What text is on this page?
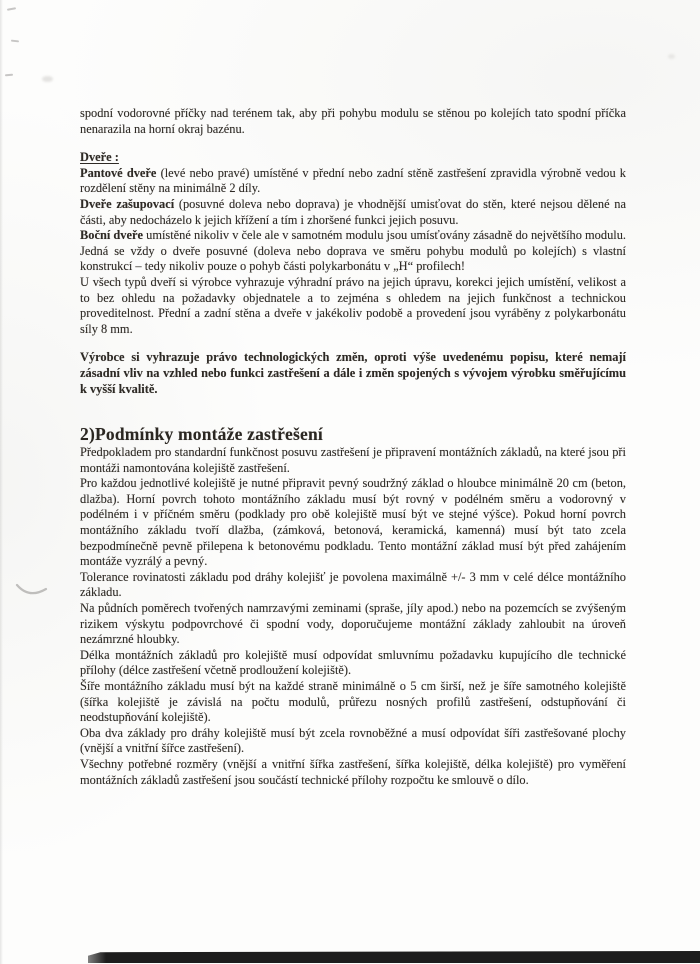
spodní vodorovné příčky nad terénem tak, aby při pohybu modulu se stěnou po kolejích tato spodní příčka nenarazila na horní okraj bazénu.

Dveře :

Pantové dveře (levé nebo pravé) umístěné v přední nebo zadní stěně zastřešení zpravidla výrobně vedou k rozdělení stěny na minimálně 2 díly.

Dveře zašupovací (posuvné doleva nebo doprava) je vhodnější umisťovat do stěn, které nejsou dělené na části, aby nedocházelo k jejich křížení a tím i zhoršené funkci jejich posuvu.

Boční dveře umístěné nikoliv v čele ale v samotném modulu jsou umísťovány zásadně do největšího modulu. Jedná se vždy o dveře posuvné (doleva nebo doprava ve směru pohybu modulů po kolejích) s vlastní konstrukcí – tedy nikoliv pouze o pohyb části polykarbonátu v „H“ profilech!

U všech typů dveří si výrobce vyhrazuje výhradní právo na jejich úpravu, korekci jejich umístění, velikost a to bez ohledu na požadavky objednatele a to zejména s ohledem na jejich funkčnost a technickou proveditelnost. Přední a zadní stěna a dveře v jakékoliv podobě a provedení jsou vyráběny z polykarbonátu síly 8 mm.

Výrobce si vyhrazuje právo technologických změn, oproti výše uvedenému popisu, které nemají zásadní vliv na vzhled nebo funkci zastřešení a dále i změn spojených s vývojem výrobku směřujícímu k vyšší kvalitě.

2)Podmínky montáže zastřešení

Předpokladem pro standardní funkčnost posuvu zastřešení je připravení montážních základů, na které jsou při montáži namontována kolejiště zastřešení.

Pro každou jednotlivé kolejiště je nutné připravit pevný soudržný základ o hloubce minimálně 20 cm (beton, dlažba). Horní povrch tohoto montážního základu musí být rovný v podélném směru a vodorovný v podélném i v příčném směru (podklady pro obě kolejiště musí být ve stejné výšce). Pokud horní povrch montážního základu tvoří dlažba, (zámková, betonová, keramická, kamenná) musí být tato zcela bezpodmínečně pevně přilepena k betonovému podkladu. Tento montážní základ musí být před zahájením montáže vyzrálý a pevný.

Tolerance rovinatosti základu pod dráhy kolejišť je povolena maximálně +/- 3 mm v celé délce montážního základu.

Na půdních poměrech tvořených namrzavými zeminami (spraše, jíly apod.) nebo na pozemcích se zvýšeným rizikem výskytu podpovrchové či spodní vody, doporučujeme montážní základy zahloubit na úroveň nezámrzné hloubky.

Délka montážních základů pro kolejiště musí odpovídat smluvnímu požadavku kupujícího dle technické přílohy (délce zastřešení včetně prodloužení kolejiště).

Šíře montážního základu musí být na každé straně minimálně o 5 cm širší, než je šíře samotného kolejiště (šířka kolejiště je závislá na počtu modulů, průřezu nosných profilů zastřešení, odstupňování či neodstupňování kolejiště).

Oba dva základy pro dráhy kolejiště musí být zcela rovnoběžné a musí odpovídat šíři zastřešované plochy (vnější a vnitřní šířce zastřešení).

Všechny potřebné rozměry (vnější a vnitřní šířka zastřešení, šířka kolejiště, délka kolejiště) pro vyměření montážních základů zastřešení jsou součástí technické přílohy rozpočtu ke smlouvě o dílo.
